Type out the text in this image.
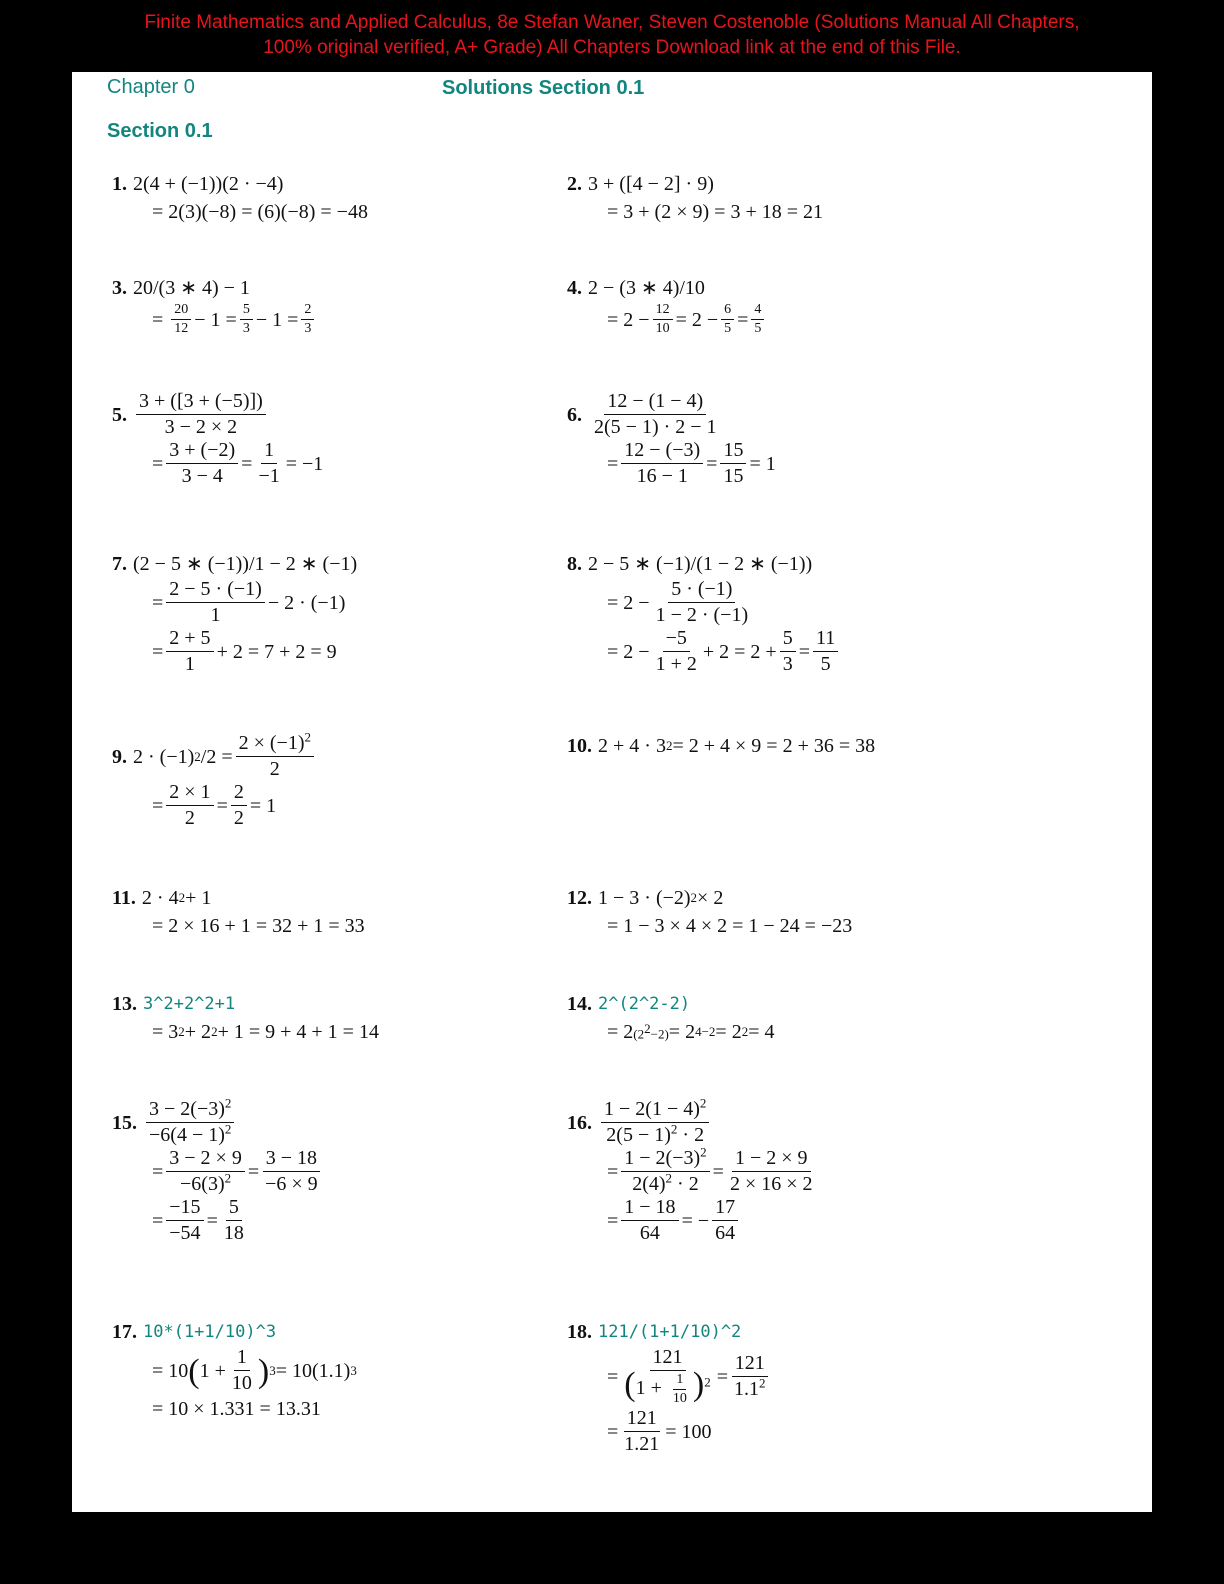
Finite Mathematics and Applied Calculus, 8e Stefan Waner, Steven Costenoble (Solutions Manual All Chapters,
100% original verified, A+ Grade) All Chapters Download link at the end of this File.
Chapter 0	Solutions Section 0.1
Section 0.1
1. 2(4 + (−1))(2 · −4)
= 2(3)(−8) = (6)(−8) = −48
2. 3 + ([4 − 2] · 9)
= 3 + (2 × 9) = 3 + 18 = 21
3. 20/(3 ∗ 4) − 1
= 20
12 − 1 = 5
3 − 1 = 2
3
4. 2 − (3 ∗ 4)/10
= 2 − 12
10 = 2 − 6
5 = 4
5
5.
3 + ([3 + (−5)])
3 − 2 × 2
=
3 + (−2)
3 − 4
=
1
−1
= −1
6.
12 − (1 − 4)
2(5 − 1) · 2 − 1
=
12 − (−3)
16 − 1
=
15
15
= 1
7. (2 − 5 ∗ (−1))/1 − 2 ∗ (−1)
=
2 − 5 · (−1)
1
− 2 · (−1)
=
2 + 5
1
+ 2 = 7 + 2 = 9
8. 2 − 5 ∗ (−1)/(1 − 2 ∗ (−1))
= 2 −
5 · (−1)
1 − 2 · (−1)
= 2 −
−5
1 + 2
+ 2 = 2 +
5
3
=
11
5
9. 2 · (−1) 2 /2 =
$2 \times (-1)^2$
2
=
2 × 1
2
=
2
2
= 1
10. 2 + 4 · 3 2 = 2 + 4 × 9 = 2 + 36 = 38
11. 2 · 4 2 + 1
= 2 × 16 + 1 = 32 + 1 = 33
12. 1 − 3 · (−2) 2 × 2
= 1 − 3 × 4 × 2 = 1 − 24 = −23
13. 3^2+2^2+1
= 3 2 + 2 2 + 1 = 9 + 4 + 1 = 14
14. 2^(2^2-2)
= 2 $(2^2-2) = 2$ 4−2 = 2 2 = 4
15.
$3 - 2(-3)^2$
$-6(4 - 1)^2$
=
3 − 2 × 9
$-6(3)^2$ =
3 − 18
−6 × 9
=
−15
−54
=
5
18
16.
$1 - 2(1 - 4)^2$
$2(5 - 1)^2 \cdot 2$
=
$1 - 2(-3)^2$
$2(4)^2 \cdot 2$
=
1 − 2 × 9
2 × 16 × 2
=
1 − 18
64
= −
17
64
17. 10*(1+1/10)^3
= 10 ( 1 +
1
10 ) 3 = 10(1.1) 3
= 10 × 1.331 = 13.31
18. 121/(1+1/10)^2
=
121
$(1 + \frac{1}{10} )^2$ =
121
$1.1^2$
=
121
1.21
= 100
